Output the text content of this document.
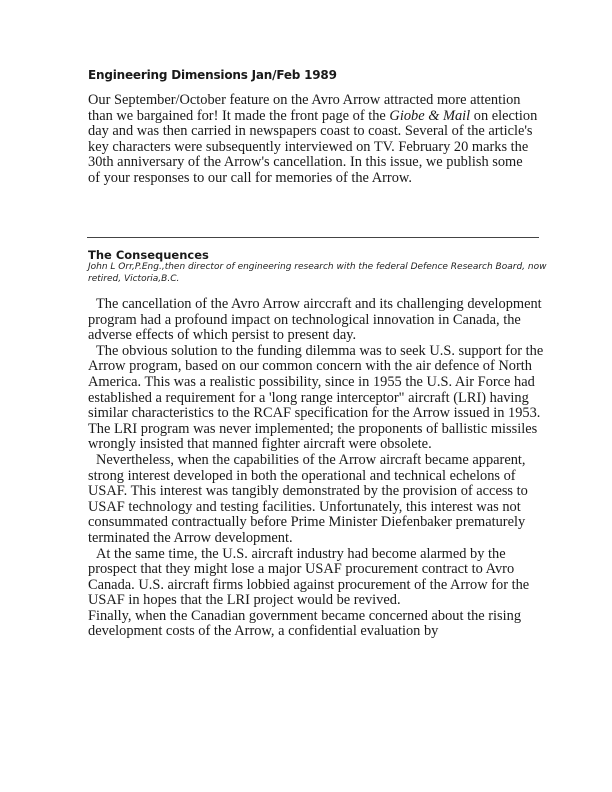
Engineering Dimensions Jan/Feb 1989

Our September/October feature on the Avro Arrow attracted more attention than we bargained for! It made the front page of the Giobe & Mail on election day and was then carried in newspapers coast to coast. Several of the article's key characters were subsequently interviewed on TV. February 20 marks the 30th anniversary of the Arrow's cancellation. In this issue, we publish some of your responses to our call for memories of the Arrow.

The Consequences

John L Orr,P.Eng.,then director of engineering research with the federal Defence Research Board, now retired, Victoria,B.C.

The cancellation of the Avro Arrow airccraft and its challenging development program had a profound impact on technological innovation in Canada, the adverse effects of which persist to present day.

The obvious solution to the funding dilemma was to seek U.S. support for the Arrow program, based on our common concern with the air defence of North America. This was a realistic possibility, since in 1955 the U.S. Air Force had established a requirement for a 'long range interceptor" aircraft (LRI) having similar characteristics to the RCAF specification for the Arrow issued in 1953. The LRI program was never implemented; the proponents of ballistic missiles wrongly insisted that manned fighter aircraft were obsolete.

Nevertheless, when the capabilities of the Arrow aircraft became apparent, strong interest developed in both the operational and technical echelons of USAF. This interest was tangibly demonstrated by the provision of access to USAF technology and testing facilities. Unfortunately, this interest was not consummated contractually before Prime Minister Diefenbaker prematurely terminated the Arrow development.

At the same time, the U.S. aircraft industry had become alarmed by the prospect that they might lose a major USAF procurement contract to Avro Canada. U.S. aircraft firms lobbied against procurement of the Arrow for the USAF in hopes that the LRI project would be revived.

Finally, when the Canadian government became concerned about the rising development costs of the Arrow, a confidential evaluation by
